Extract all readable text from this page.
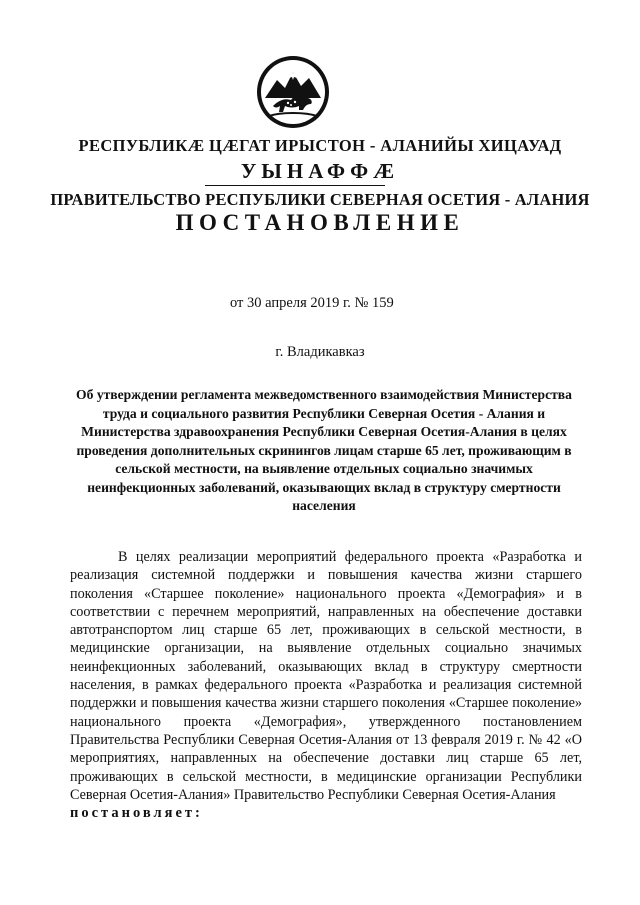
РЕСПУБЛИКӔ ЦӔГАТ ИРЫСТОН - АЛАНИЙЫ ХИЦАУАД
УЫНАФФӔ
ПРАВИТЕЛЬСТВО РЕСПУБЛИКИ СЕВЕРНАЯ ОСЕТИЯ - АЛАНИЯ
ПОСТАНОВЛЕНИЕ
от 30 апреля 2019 г. № 159
г. Владикавказ
Об утверждении регламента межведомственного взаимодействия Министерства труда и социального развития Республики Северная Осетия - Алания и Министерства здравоохранения Республики Северная Осетия-Алания в целях проведения дополнительных скринингов лицам старше 65 лет, проживающим в сельской местности, на выявление отдельных социально значимых неинфекционных заболеваний, оказывающих вклад в структуру смертности населения
В целях реализации мероприятий федерального проекта «Разработка и реализация системной поддержки и повышения качества жизни старшего поколения «Старшее поколение» национального проекта «Демография» и в соответствии с перечнем мероприятий, направленных на обеспечение доставки автотранспортом лиц старше 65 лет, проживающих в сельской местности, в медицинские организации, на выявление отдельных социально значимых неинфекционных заболеваний, оказывающих вклад в структуру смертности населения, в рамках федерального проекта «Разработка и реализация системной поддержки и повышения качества жизни старшего поколения «Старшее поколение» национального проекта «Демография», утвержденного постановлением Правительства Республики Северная Осетия-Алания от 13 февраля 2019 г. № 42 «О мероприятиях, направленных на обеспечение доставки лиц старше 65 лет, проживающих в сельской местности, в медицинские организации Республики Северная Осетия-Алания» Правительство Республики Северная Осетия-Алания
постановляет:
